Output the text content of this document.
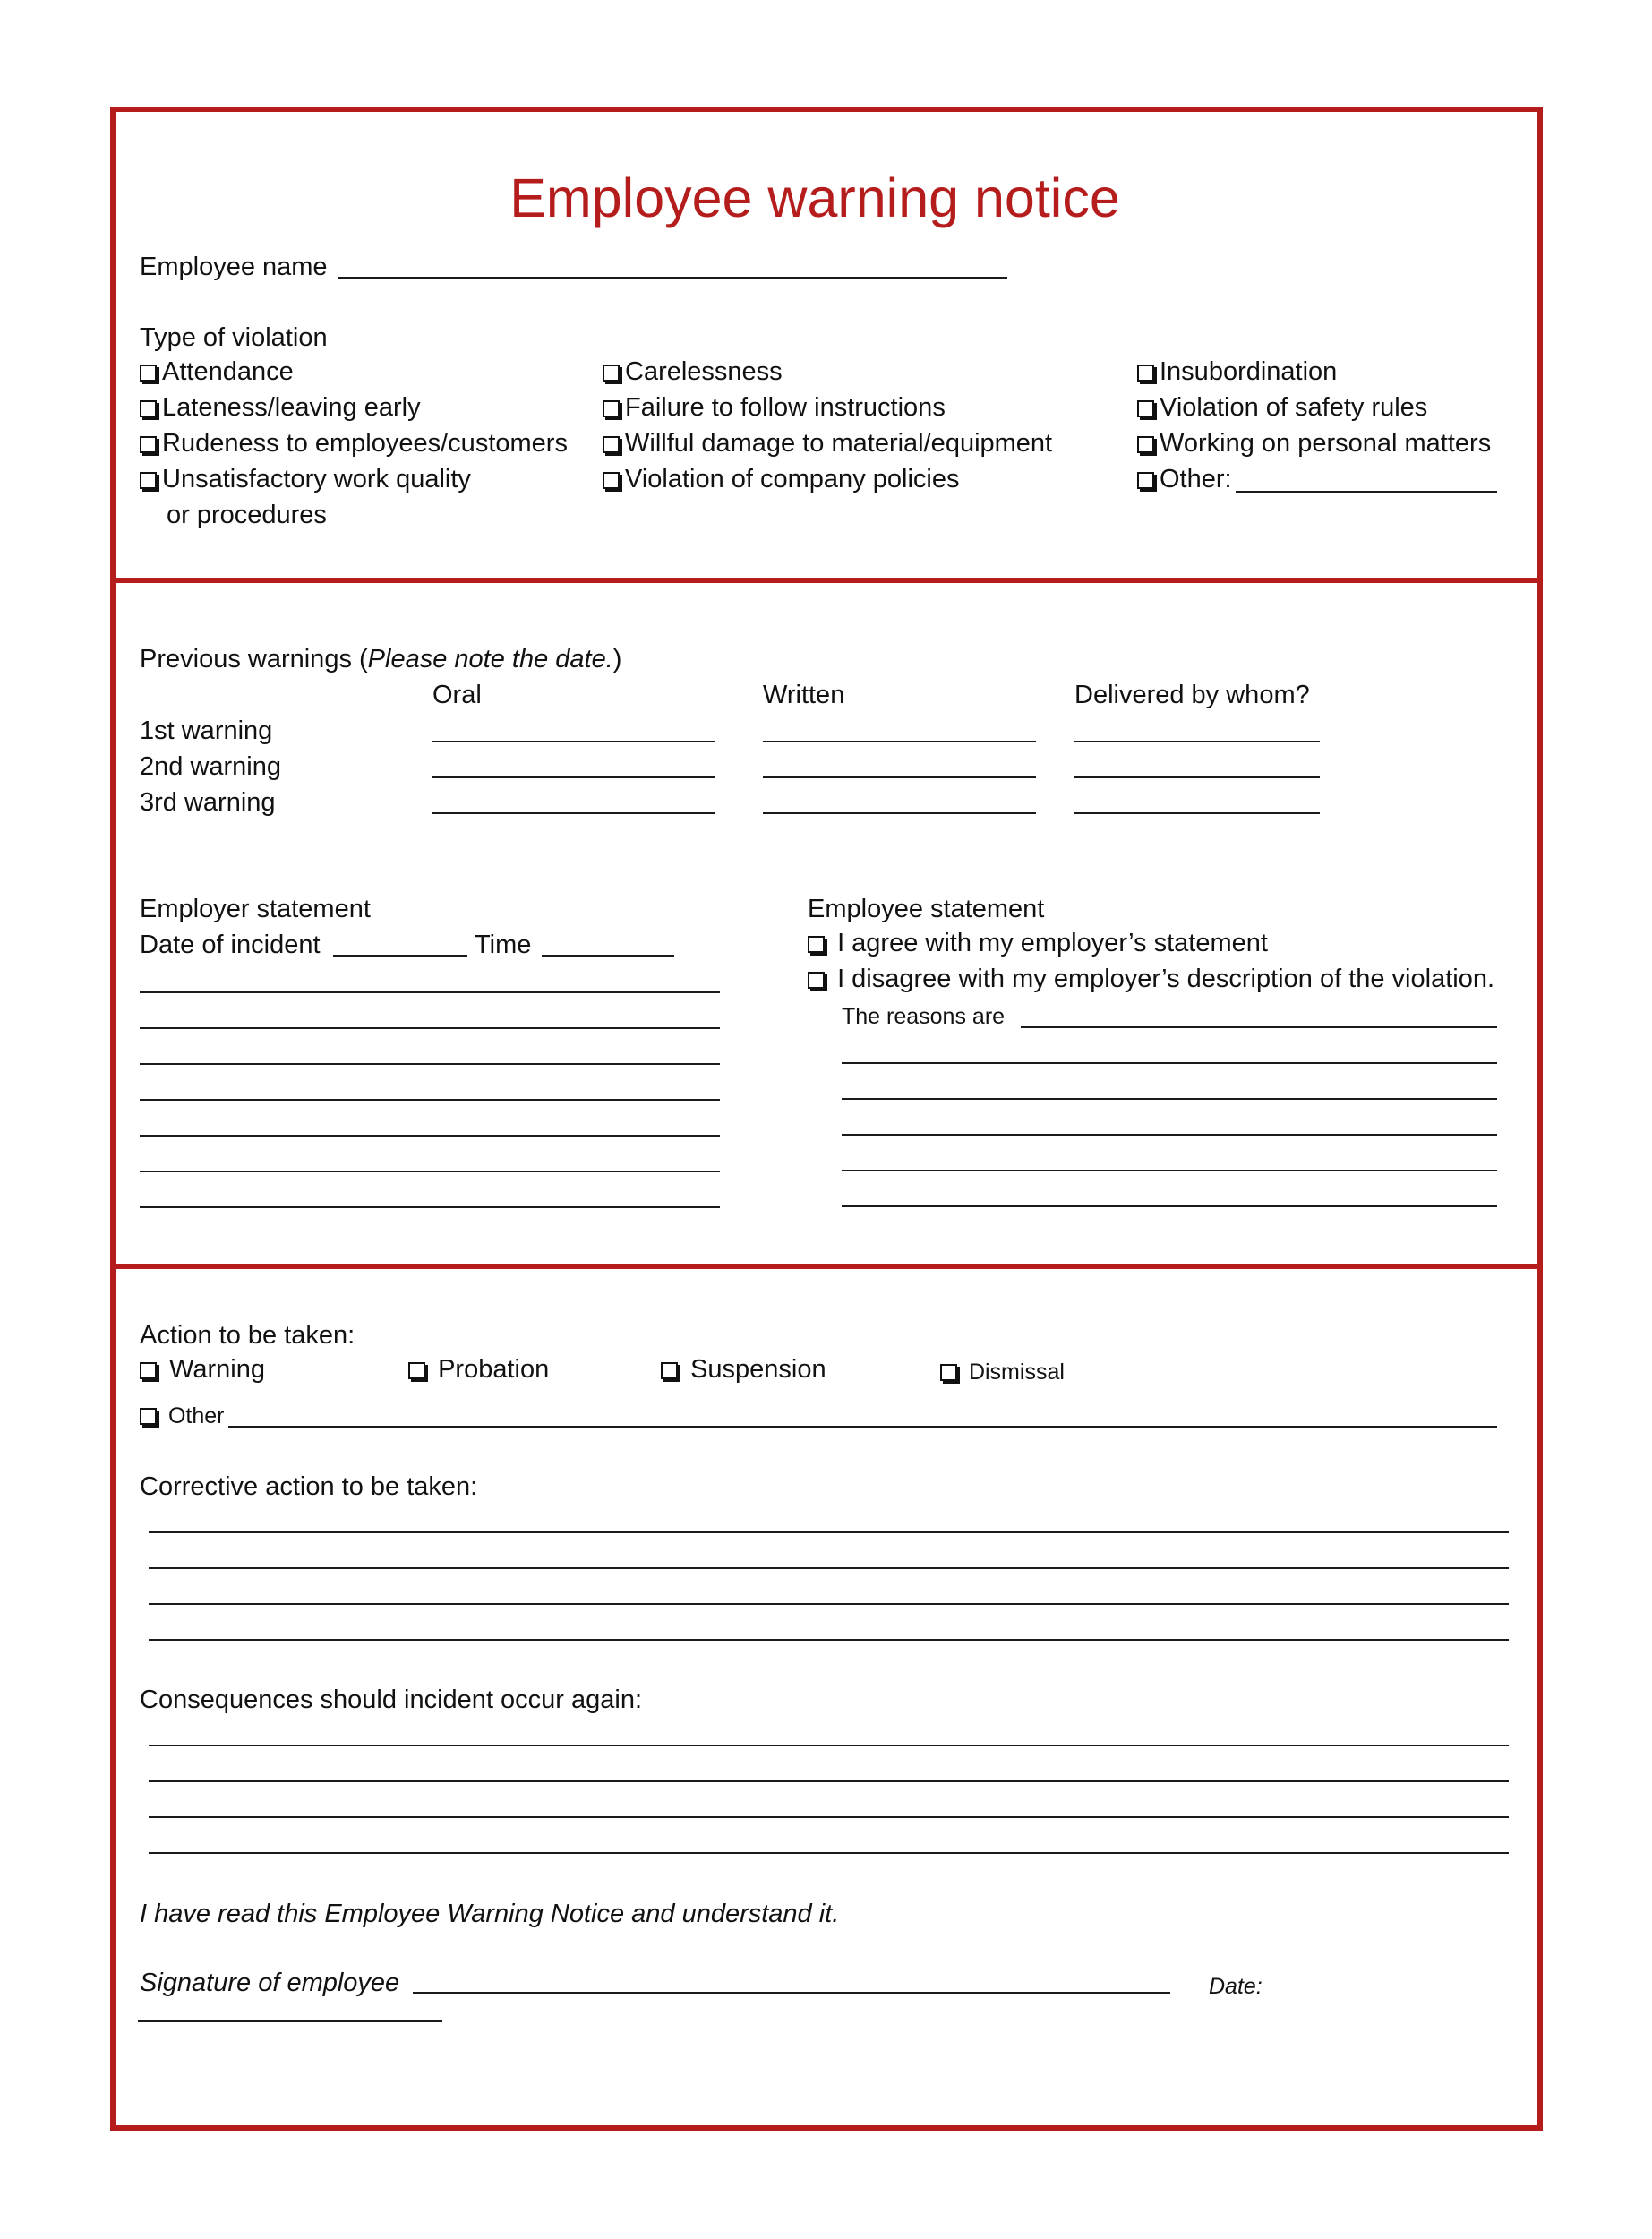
Employee warning notice
Employee name
Type of violation
Attendance
Lateness/leaving early
Rudeness to employees/customers
Unsatisfactory work quality
or procedures
Carelessness
Failure to follow instructions
Willful damage to material/equipment
Violation of company policies
Insubordination
Violation of safety rules
Working on personal matters
Other:
Previous warnings (Please note the date.)
Oral	Written	Delivered by whom?
1st warning
2nd warning
3rd warning
Employer statement
Date of incident	Time
Employee statement
I agree with my employer’s statement
I disagree with my employer’s description of the violation.
The reasons are
Action to be taken:
Warning	Probation	Suspension	Dismissal
Other
Corrective action to be taken:
Consequences should incident occur again:
I have read this Employee Warning Notice and understand it.
Signature of employee	Date:
